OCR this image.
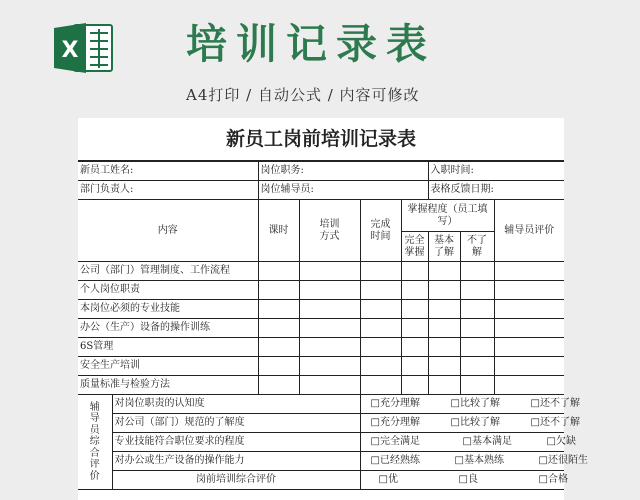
X	培训记录表
A4打印 / 自动公式 / 内容可修改
新员工岗前培训记录表
新员工姓名:		岗位职务:				入职时间:		
部门负责人:		岗位辅导员:				表格反馈日期:		
内容		课时	培训方式	完成时间	掌握程度（员工填写）			辅导员评价
					完全掌握	基本了解	不了解	
公司（部门）管理制度、工作流程								
个人岗位职责								
本岗位必须的专业技能								
办公（生产）设备的操作训练								
6S管理								
安全生产培训								
质量标准与检验方法								

辅导员综合评价	对岗位职责的认知度			□充分理解 □比较了解 □还不了解				
	对公司（部门）规范的了解度			□充分理解 □比较了解 □还不了解				
	专业技能符合职位要求的程度			□完全满足 □基本满足 □欠缺				
	对办公或生产设备的操作能力			□已经熟练 □基本熟练 □还很陌生				
	岗前培训综合评价			□优 □良 □合格				
